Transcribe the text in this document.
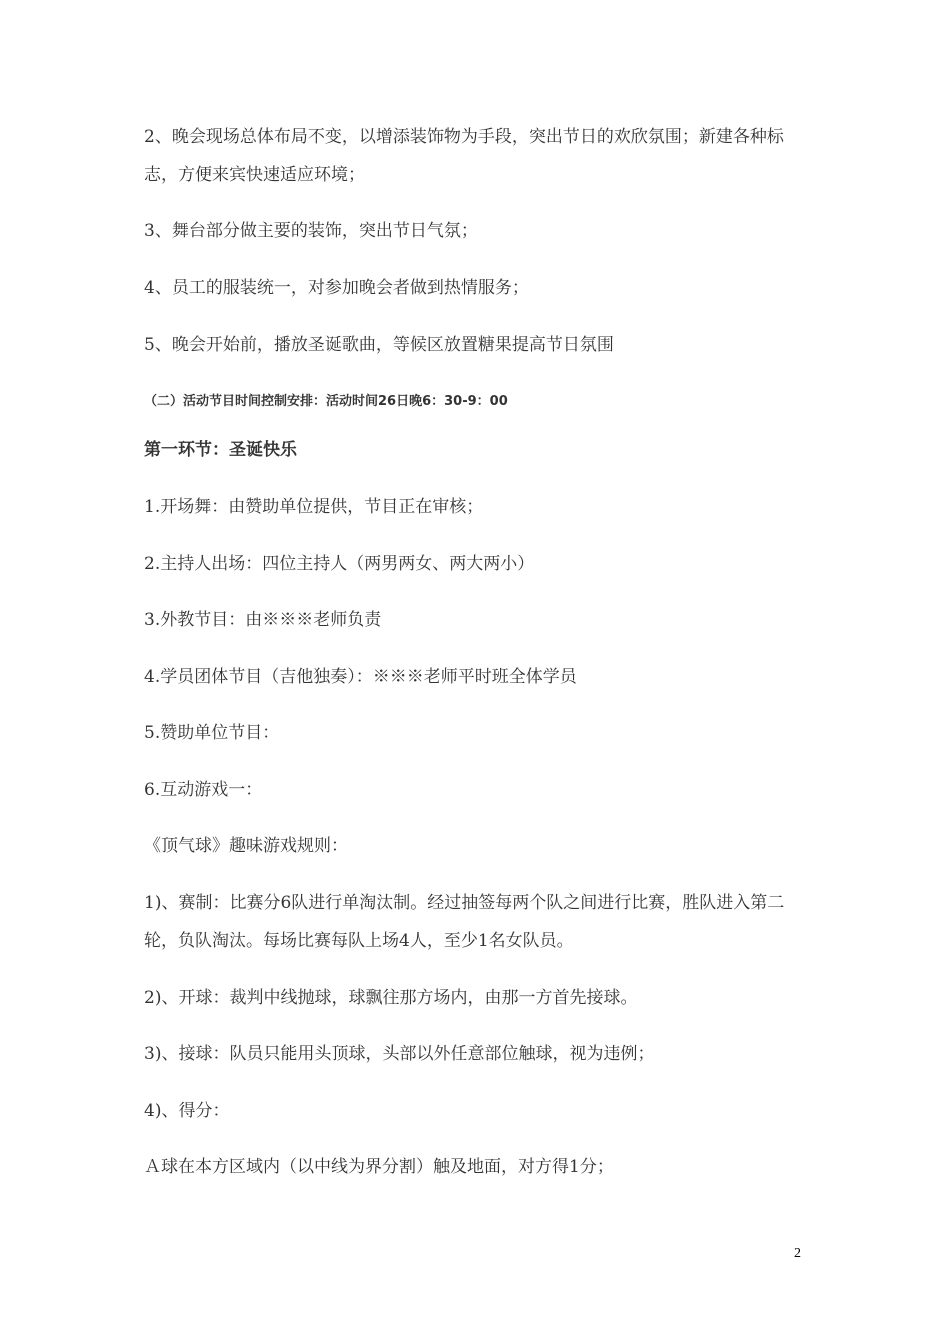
2、晚会现场总体布局不变，以增添装饰物为手段，突出节日的欢欣氛围；新建各种标志，方便来宾快速适应环境；

3、舞台部分做主要的装饰，突出节日气氛；

4、员工的服装统一，对参加晚会者做到热情服务；

5、晚会开始前，播放圣诞歌曲，等候区放置糖果提高节日氛围

（二）活动节目时间控制安排：活动时间26日晚6：30-9：00

第一环节：圣诞快乐

1.开场舞：由赞助单位提供，节目正在审核；

2.主持人出场：四位主持人（两男两女、两大两小）

3.外教节目：由※※※老师负责

4.学员团体节目（吉他独奏）：※※※老师平时班全体学员

5.赞助单位节目：

6.互动游戏一：

《顶气球》趣味游戏规则：

1)、赛制：比赛分6队进行单淘汰制。经过抽签每两个队之间进行比赛，胜队进入第二轮，负队淘汰。每场比赛每队上场4人，至少1名女队员。

2)、开球：裁判中线抛球，球飘往那方场内，由那一方首先接球。

3)、接球：队员只能用头顶球，头部以外任意部位触球，视为违例；

4)、得分：

Ａ球在本方区域内（以中线为界分割）触及地面，对方得1分；

2
